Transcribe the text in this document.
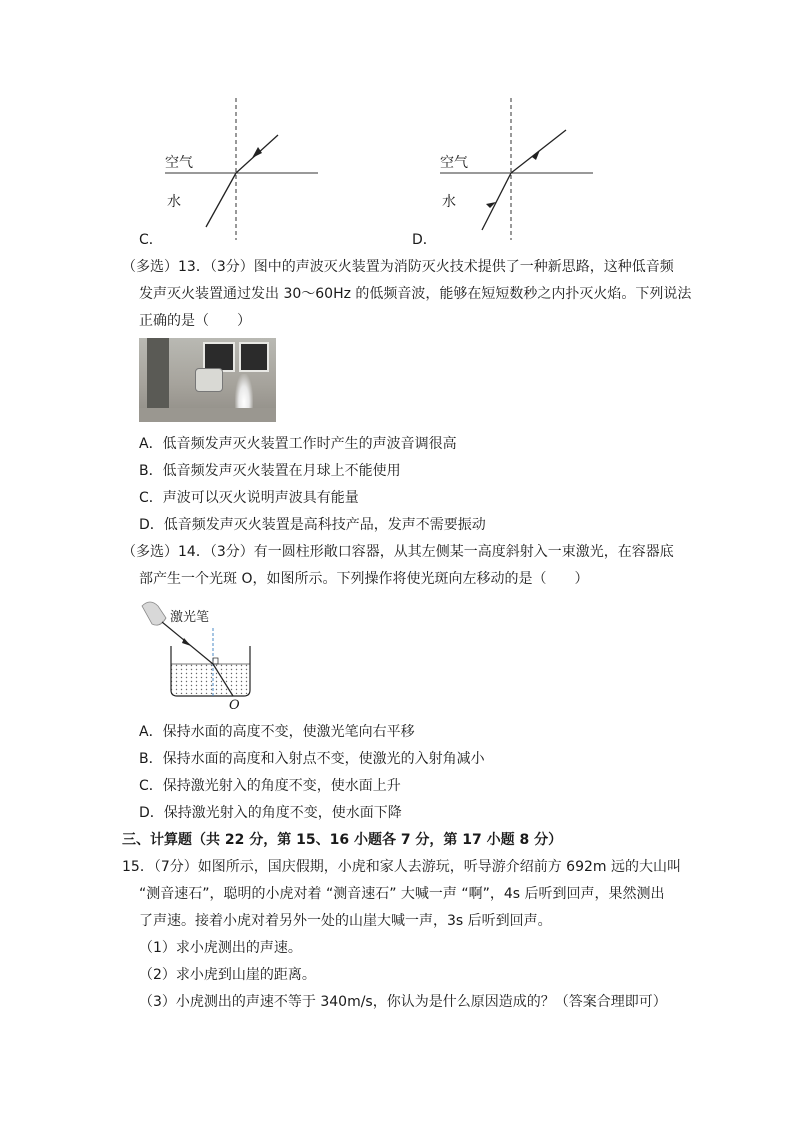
空气
水
C．
空气
水
D．
（多选）13．（3分）图中的声波灭火装置为消防灭火技术提供了一种新思路，这种低音频
发声灭火装置通过发出 30～60Hz 的低频音波，能够在短短数秒之内扑灭火焰。下列说法
正确的是（　　）
A．低音频发声灭火装置工作时产生的声波音调很高
B．低音频发声灭火装置在月球上不能使用
C．声波可以灭火说明声波具有能量
D．低音频发声灭火装置是高科技产品，发声不需要振动
（多选）14．（3分）有一圆柱形敞口容器，从其左侧某一高度斜射入一束激光，在容器底
部产生一个光斑 O，如图所示。下列操作将使光斑向左移动的是（　　）
激光笔
O
A．保持水面的高度不变，使激光笔向右平移
B．保持水面的高度和入射点不变，使激光的入射角减小
C．保持激光射入的角度不变，使水面上升
D．保持激光射入的角度不变，使水面下降
三、计算题（共 22 分，第 15、16 小题各 7 分，第 17 小题 8 分）
15．（7分）如图所示，国庆假期，小虎和家人去游玩，听导游介绍前方 692m 远的大山叫
“测音速石”，聪明的小虎对着 “测音速石” 大喊一声 “啊”，4s 后听到回声，果然测出
了声速。接着小虎对着另外一处的山崖大喊一声，3s 后听到回声。
（1）求小虎测出的声速。
（2）求小虎到山崖的距离。
（3）小虎测出的声速不等于 340m/s，你认为是什么原因造成的？（答案合理即可）
